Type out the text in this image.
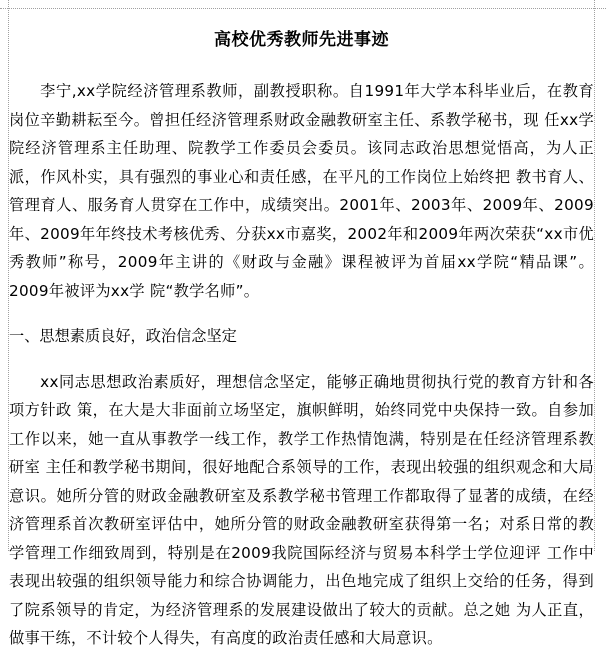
高校优秀教师先进事迹

李宁,xx学院经济管理系教师，副教授职称。自1991年大学本科毕业后，在教育岗位辛勤耕耘至今。曾担任经济管理系财政金融教研室主任、系教学秘书，现 任xx学院经济管理系主任助理、院教学工作委员会委员。该同志政治思想觉悟高，为人正派，作风朴实，具有强烈的事业心和责任感，在平凡的工作岗位上始终把 教书育人、管理育人、服务育人贯穿在工作中，成绩突出。2001年、2003年、2009年、2009年、2009年年终技术考核优秀、分获xx市嘉奖，2002年和2009年两次荣获“xx市优秀教师”称号，2009年主讲的《财政与金融》课程被评为首届xx学院“精品课”。2009年被评为xx学 院“教学名师”。

一、思想素质良好，政治信念坚定

xx同志思想政治素质好，理想信念坚定，能够正确地贯彻执行党的教育方针和各项方针政 策，在大是大非面前立场坚定，旗帜鲜明，始终同党中央保持一致。自参加工作以来，她一直从事教学一线工作，教学工作热情饱满，特别是在任经济管理系教研室 主任和教学秘书期间，很好地配合系领导的工作，表现出较强的组织观念和大局意识。她所分管的财政金融教研室及系教学秘书管理工作都取得了显著的成绩，在经 济管理系首次教研室评估中，她所分管的财政金融教研室获得第一名；对系日常的教学管理工作细致周到，特别是在2009我院国际经济与贸易本科学士学位迎评 工作中表现出较强的组织领导能力和综合协调能力，出色地完成了组织上交给的任务，得到了院系领导的肯定，为经济管理系的发展建设做出了较大的贡献。总之她 为人正直，做事干练，不计较个人得失，有高度的政治责任感和大局意识。
